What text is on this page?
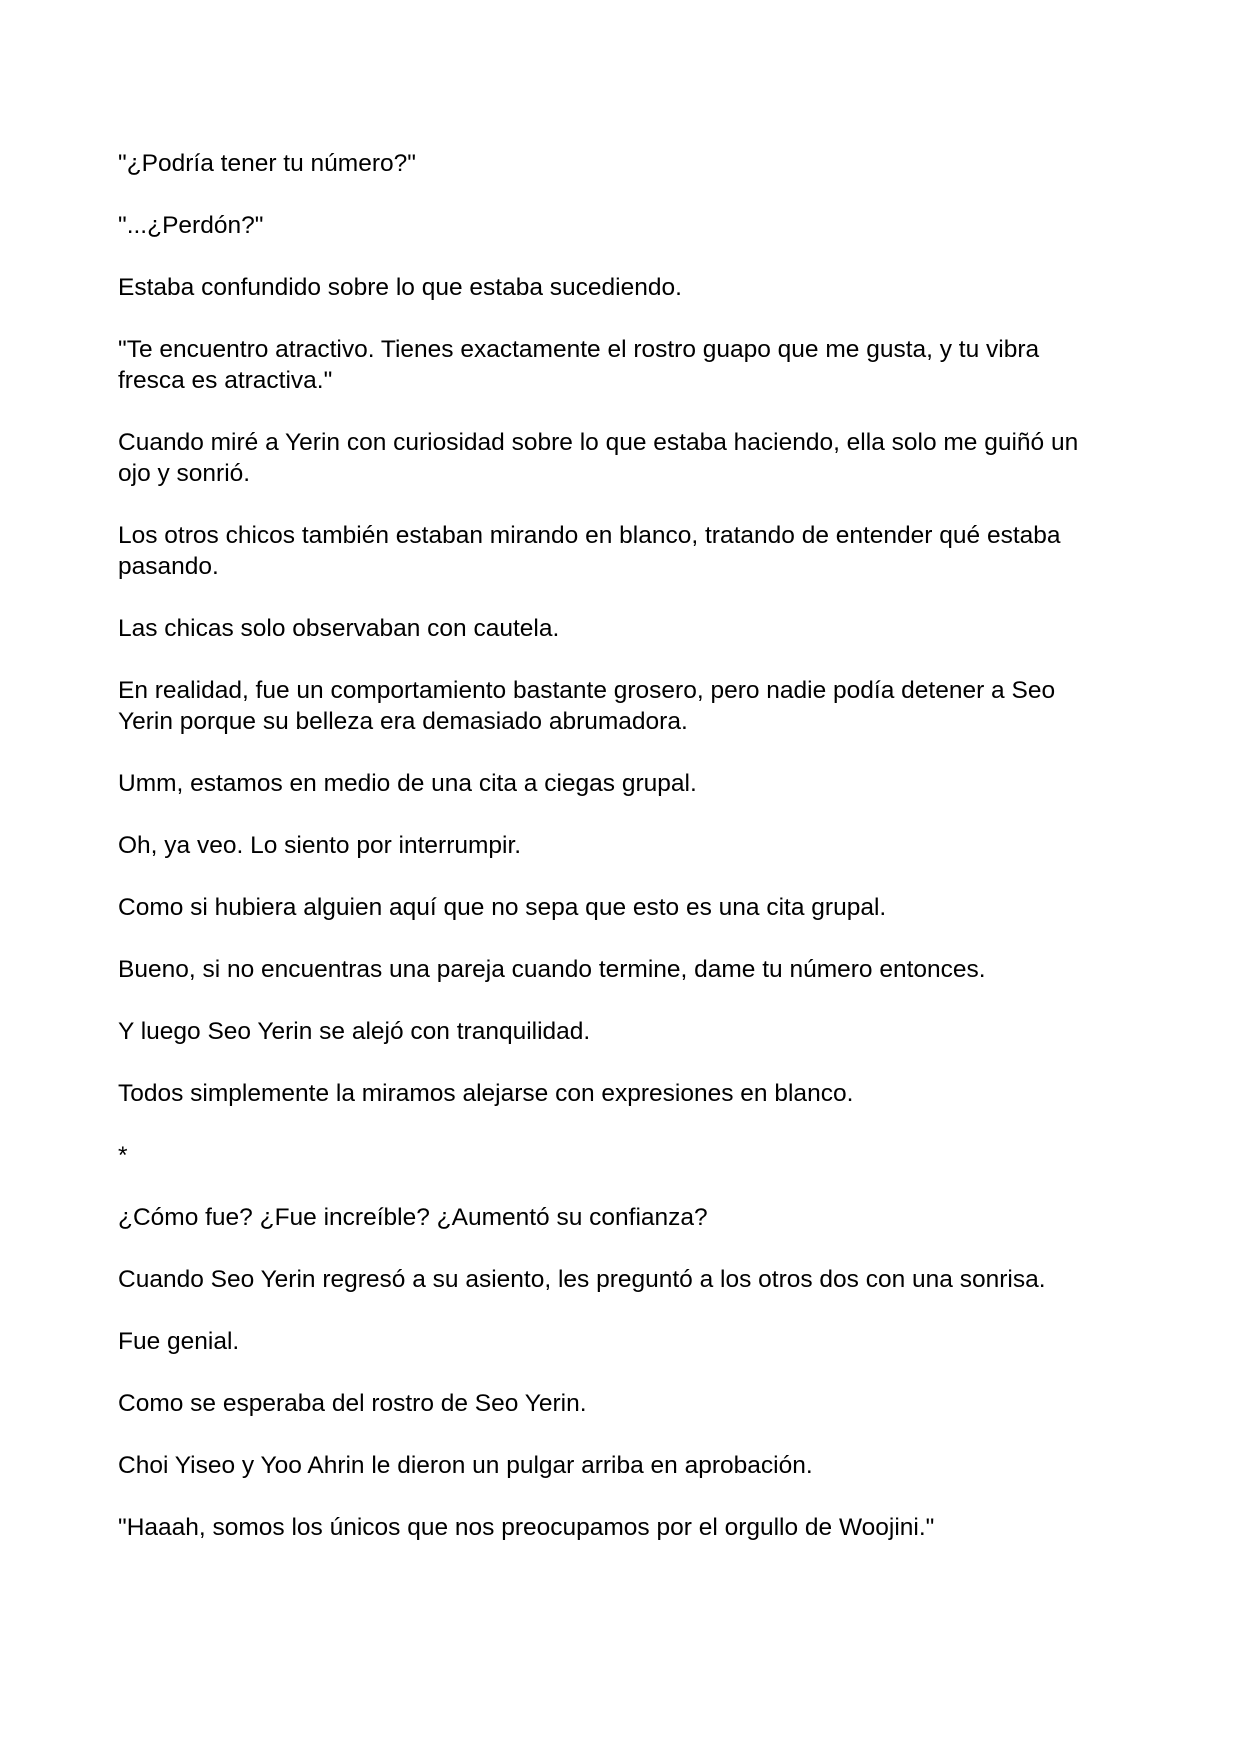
"¿Podría tener tu número?"

"...¿Perdón?"

Estaba confundido sobre lo que estaba sucediendo.

"Te encuentro atractivo. Tienes exactamente el rostro guapo que me gusta, y tu vibra fresca es atractiva."

Cuando miré a Yerin con curiosidad sobre lo que estaba haciendo, ella solo me guiñó un ojo y sonrió.

Los otros chicos también estaban mirando en blanco, tratando de entender qué estaba pasando.

Las chicas solo observaban con cautela.

En realidad, fue un comportamiento bastante grosero, pero nadie podía detener a Seo Yerin porque su belleza era demasiado abrumadora.

Umm, estamos en medio de una cita a ciegas grupal.

Oh, ya veo. Lo siento por interrumpir.

Como si hubiera alguien aquí que no sepa que esto es una cita grupal.

Bueno, si no encuentras una pareja cuando termine, dame tu número entonces.

Y luego Seo Yerin se alejó con tranquilidad.

Todos simplemente la miramos alejarse con expresiones en blanco.

*

¿Cómo fue? ¿Fue increíble? ¿Aumentó su confianza?

Cuando Seo Yerin regresó a su asiento, les preguntó a los otros dos con una sonrisa.

Fue genial.

Como se esperaba del rostro de Seo Yerin.

Choi Yiseo y Yoo Ahrin le dieron un pulgar arriba en aprobación.

"Haaah, somos los únicos que nos preocupamos por el orgullo de Woojini."
